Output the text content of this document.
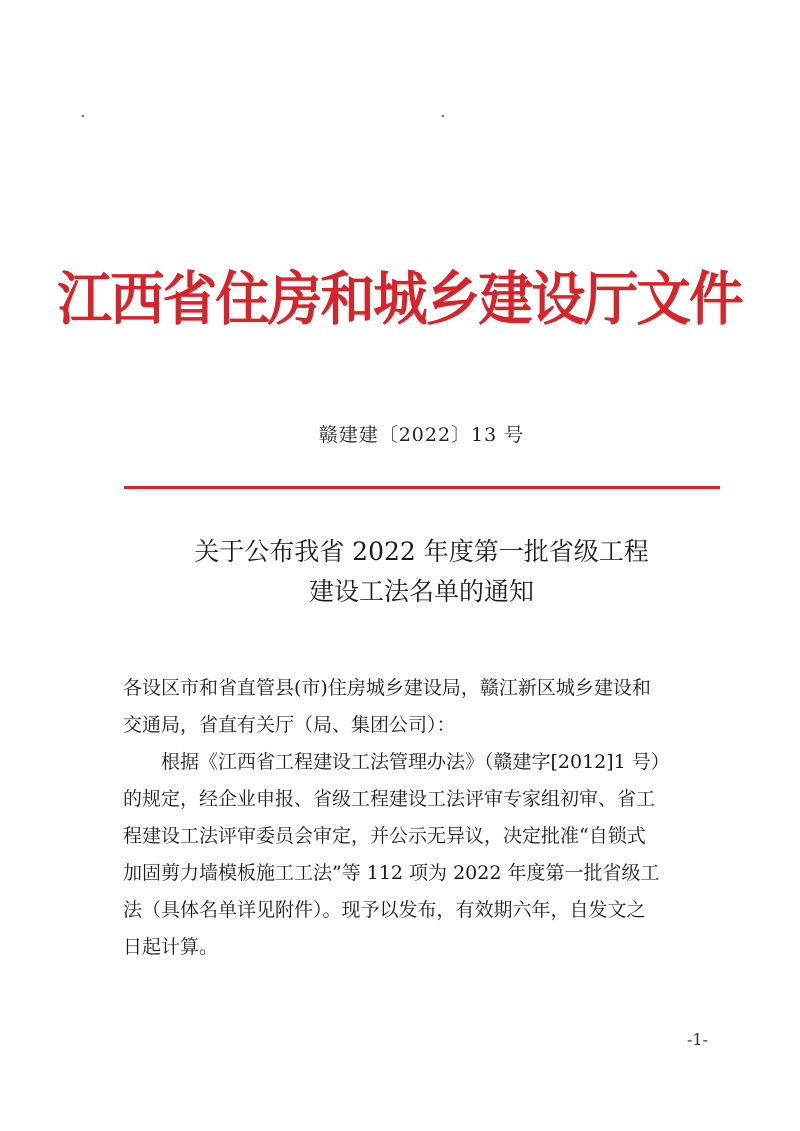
江西省住房和城乡建设厅文件
赣建建〔2022〕13 号
关于公布我省 2022 年度第一批省级工程
建设工法名单的通知
各设区市和省直管县(市)住房城乡建设局，赣江新区城乡建设和
交通局，省直有关厅（局、集团公司）：
根据《江西省工程建设工法管理办法》（赣建字[2012]1 号）
的规定，经企业申报、省级工程建设工法评审专家组初审、省工
程建设工法评审委员会审定，并公示无异议，决定批准“自锁式
加固剪力墙模板施工工法”等 112 项为 2022 年度第一批省级工
法（具体名单详见附件）。现予以发布，有效期六年，自发文之
日起计算。
-1-
